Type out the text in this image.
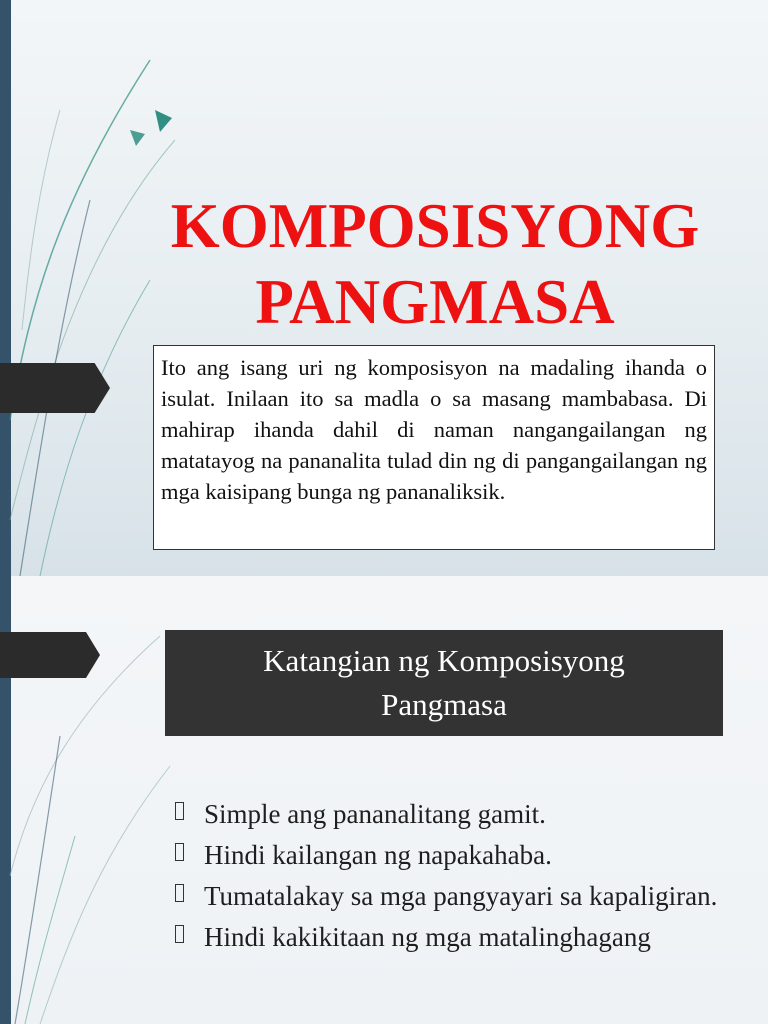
KOMPOSISYONG
PANGMASA

Ito ang isang uri ng komposisyon na madaling ihanda o isulat. Inilaan ito sa madla o sa masang mambabasa. Di mahirap ihanda dahil di naman nangangailangan ng matatayog na pananalita tulad din ng di pangangailangan ng mga kaisipang bunga ng pananaliksik.

Katangian ng Komposisyong
Pangmasa
Simple ang pananalitang gamit.
Hindi kailangan ng napakahaba.
Tumatalakay sa mga pangyayari sa kapaligiran.
Hindi kakikitaan ng mga matalinghagang
